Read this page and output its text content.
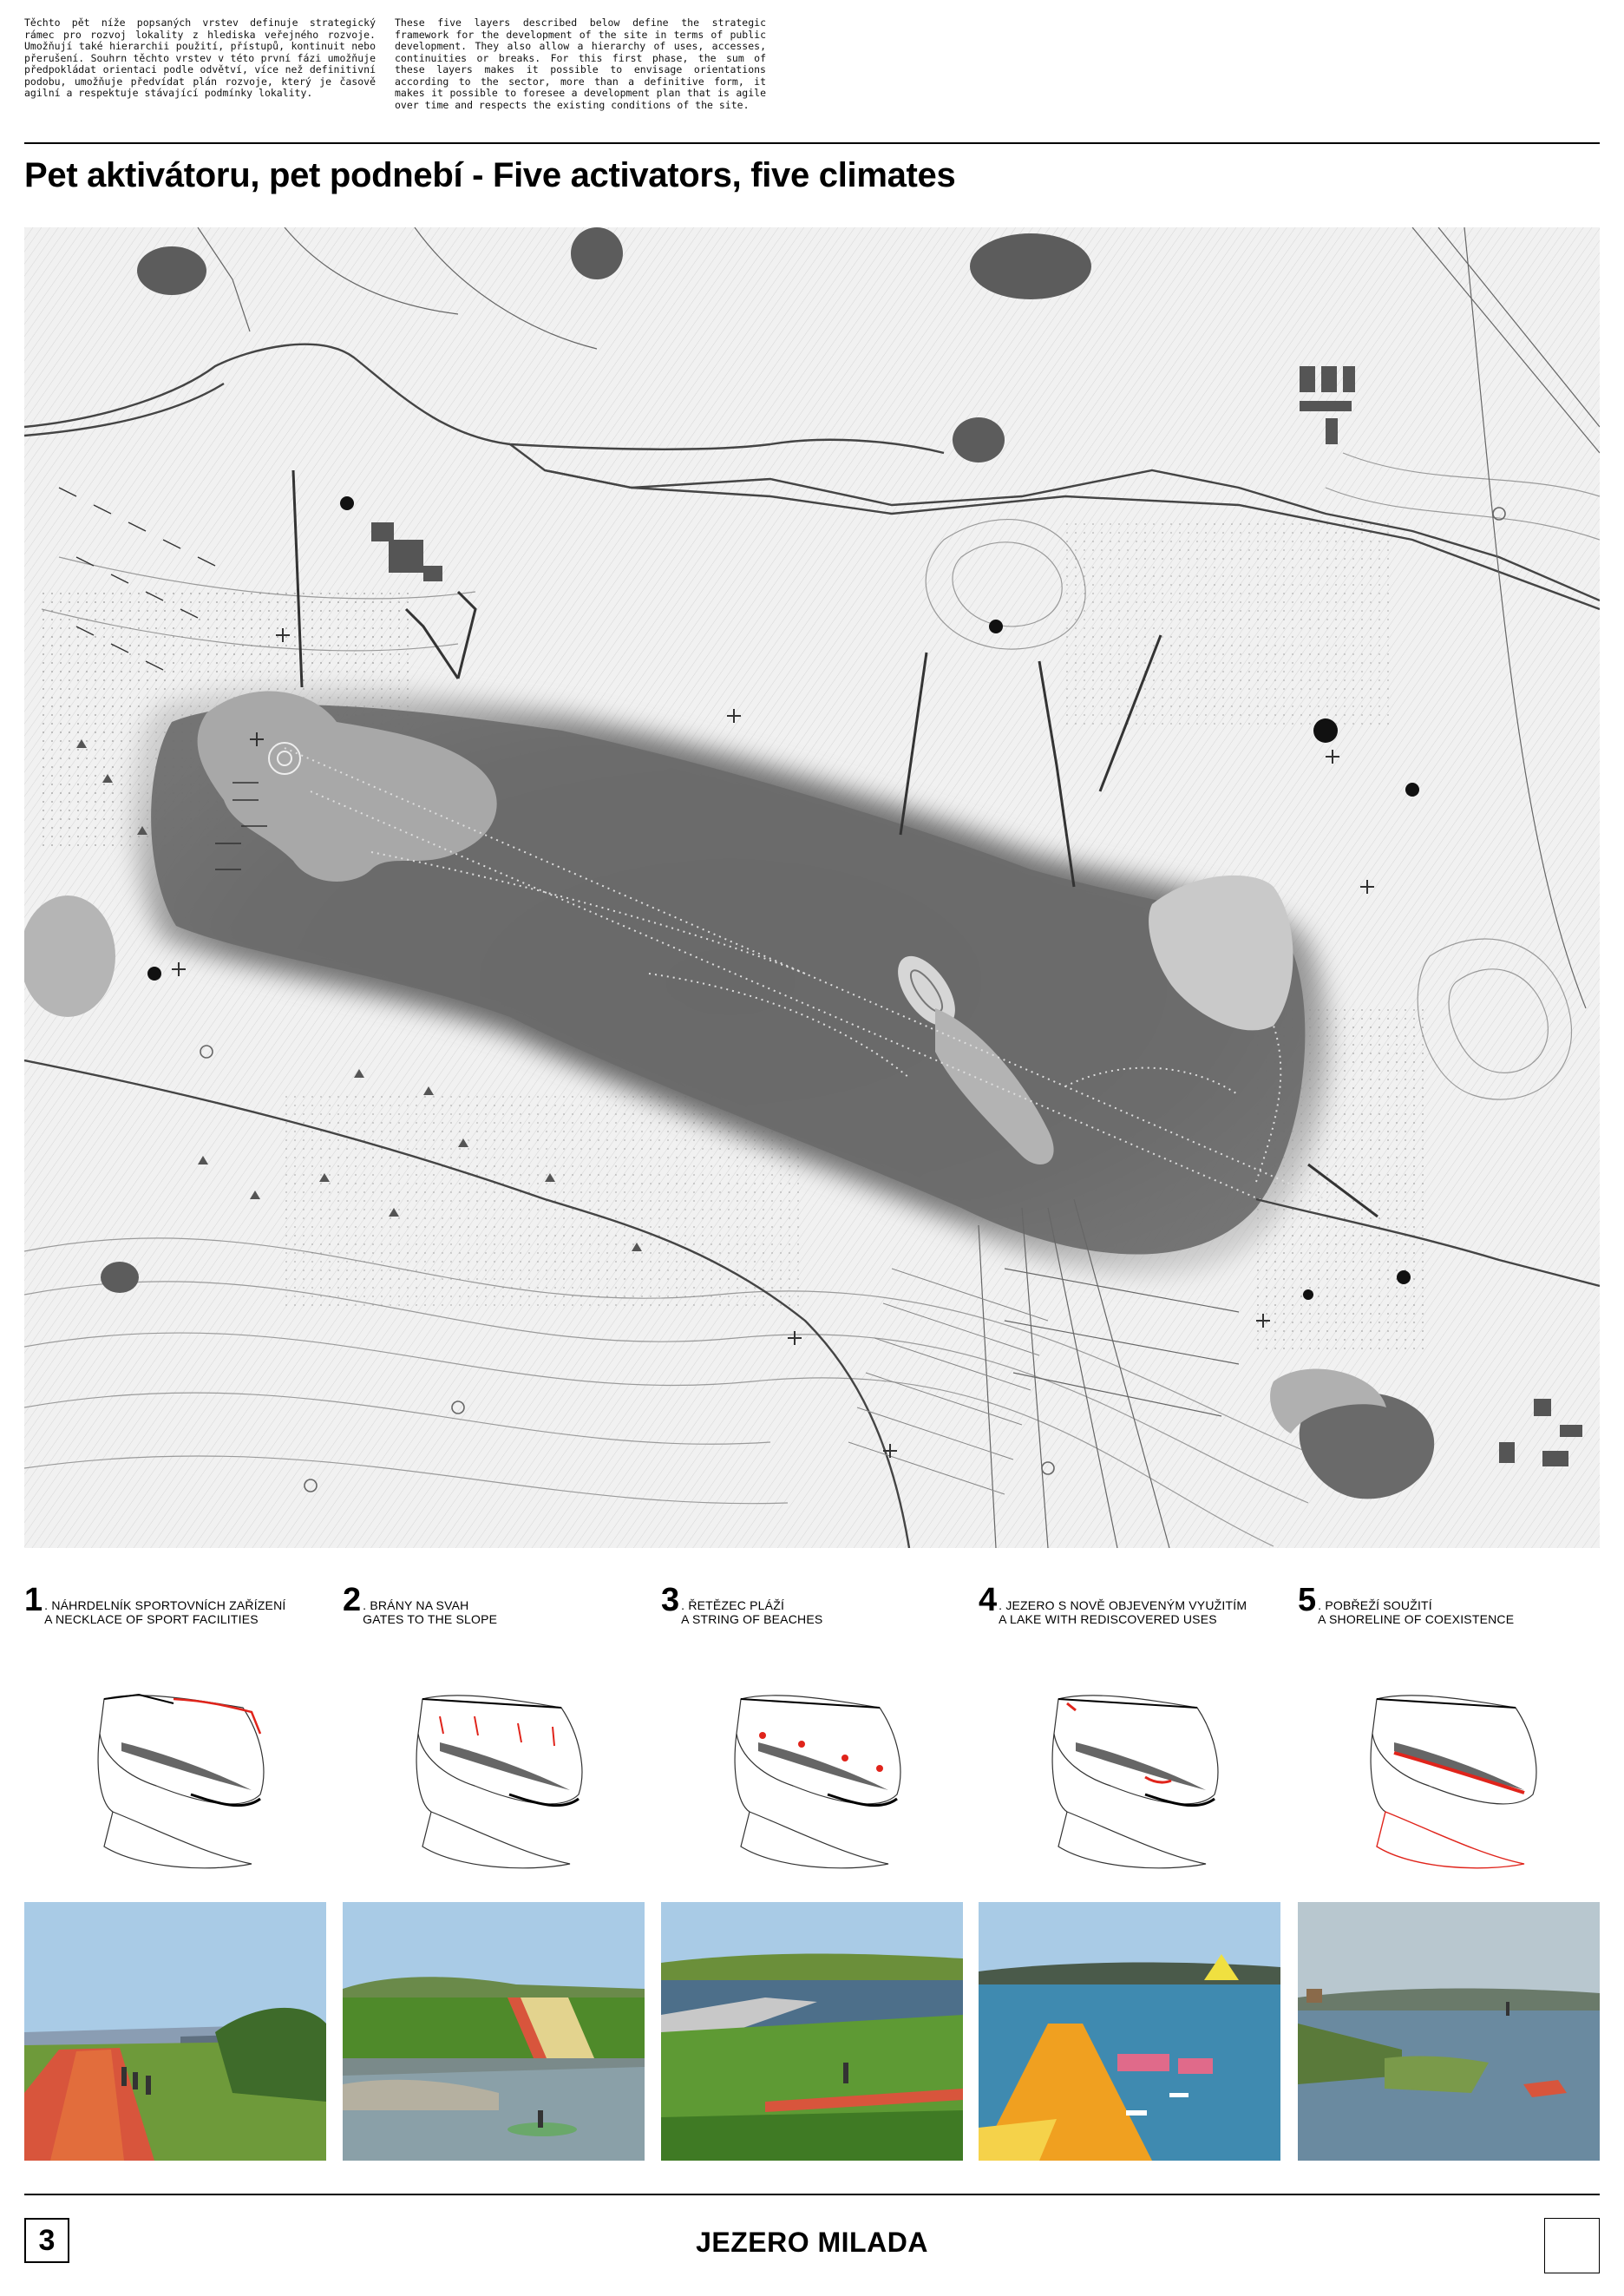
Těchto pět níže popsaných vrstev definuje strategický rámec pro rozvoj lokality z hlediska veřejného rozvoje. Umožňují také hierarchii použití, přístupů, kontinuit nebo přerušení. Souhrn těchto vrstev v této první fázi umožňuje předpokládat orientaci podle odvětví, více než definitivní podobu, umožňuje předvídat plán rozvoje, který je časově agilní a respektuje stávající podmínky lokality.
These five layers described below define the strategic framework for the development of the site in terms of public development. They also allow a hierarchy of uses, accesses, continuities or breaks. For this first phase, the sum of these layers makes it possible to envisage orientations according to the sector, more than a definitive form, it makes it possible to foresee a development plan that is agile over time and respects the existing conditions of the site.
Pet aktivátoru, pet podnebí - Five activators, five climates
1 . NÁHRDELNÍK SPORTOVNÍCH ZAŘÍZENÍ
A NECKLACE OF SPORT FACILITIES
2 . BRÁNY NA SVAH
GATES TO THE SLOPE
3 . ŘETĚZEC PLÁŽÍ
A STRING OF BEACHES
4 . JEZERO S NOVĚ OBJEVENÝM VYUŽITÍM
A LAKE WITH REDISCOVERED USES
5 . POBŘEŽÍ SOUŽITÍ
A SHORELINE OF COEXISTENCE
3	JEZERO MILADA
